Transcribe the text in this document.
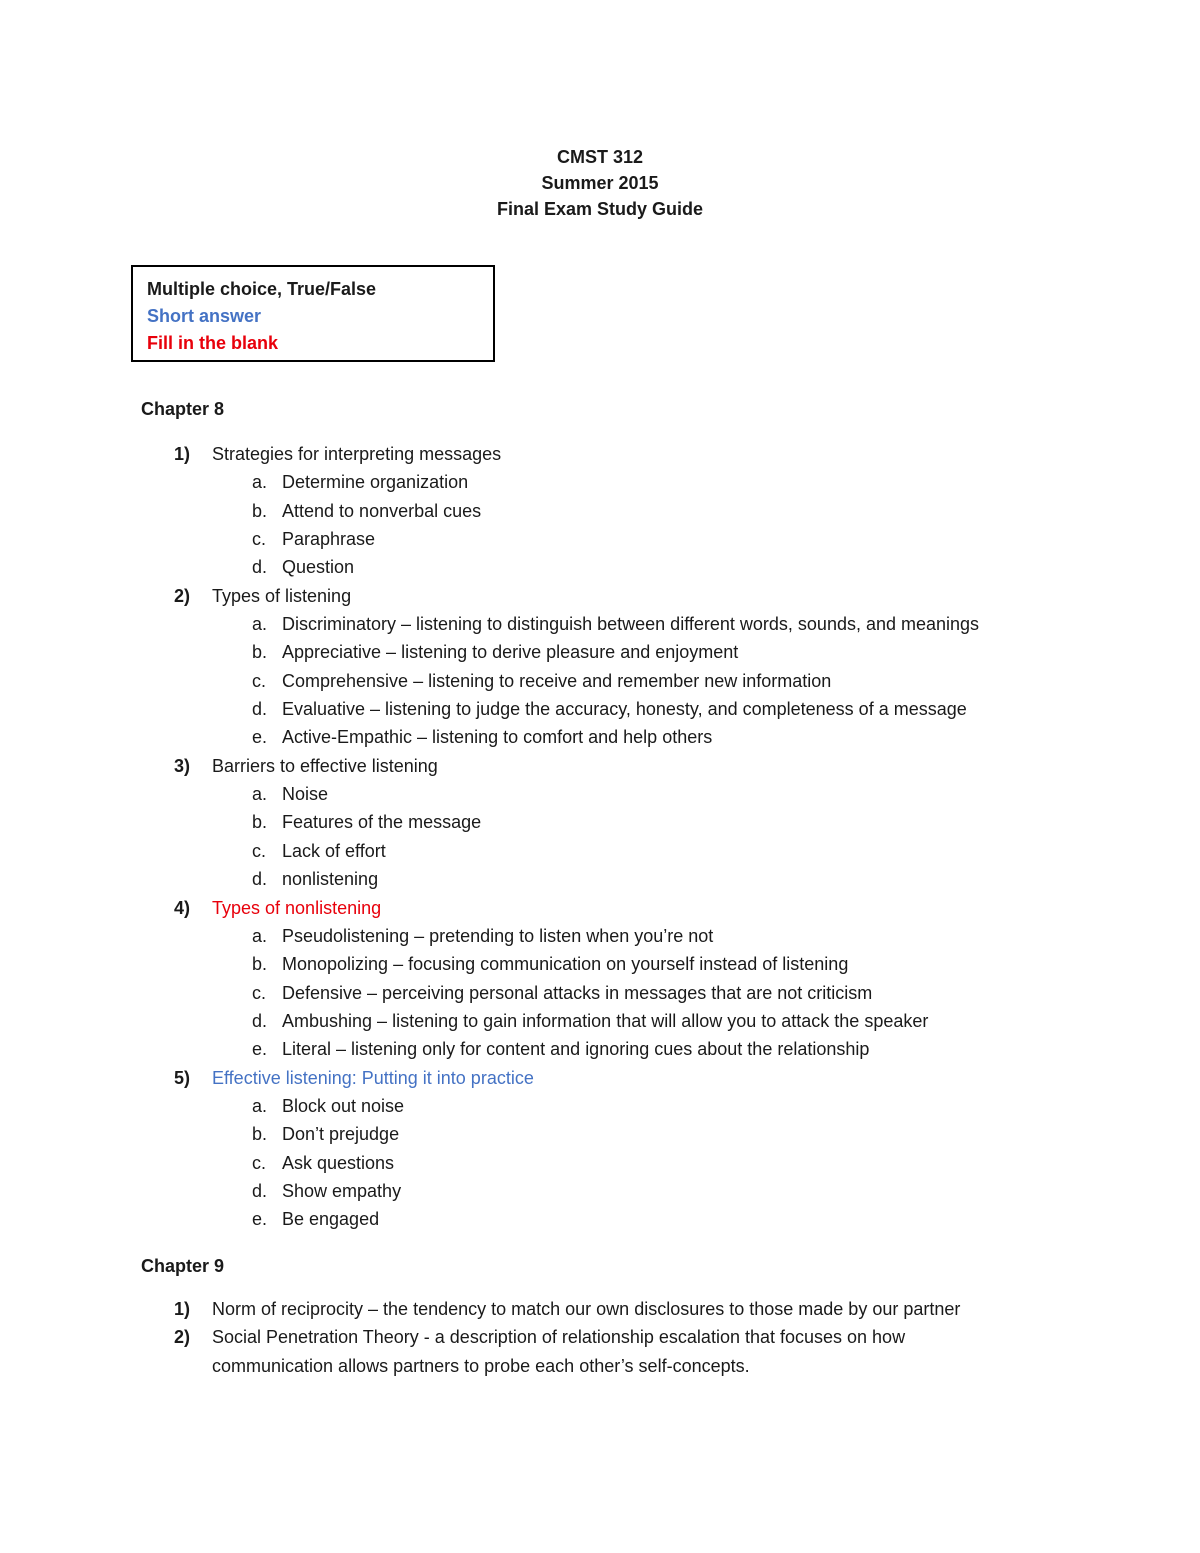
CMST 312
Summer 2015
Final Exam Study Guide
Multiple choice, True/False
Short answer
Fill in the blank
Chapter 8
1) Strategies for interpreting messages
a. Determine organization
b. Attend to nonverbal cues
c. Paraphrase
d. Question
2) Types of listening
a. Discriminatory – listening to distinguish between different words, sounds, and meanings
b. Appreciative – listening to derive pleasure and enjoyment
c. Comprehensive – listening to receive and remember new information
d. Evaluative – listening to judge the accuracy, honesty, and completeness of a message
e. Active-Empathic – listening to comfort and help others
3) Barriers to effective listening
a. Noise
b. Features of the message
c. Lack of effort
d. nonlistening
4) Types of nonlistening
a. Pseudolistening – pretending to listen when you’re not
b. Monopolizing – focusing communication on yourself instead of listening
c. Defensive – perceiving personal attacks in messages that are not criticism
d. Ambushing – listening to gain information that will allow you to attack the speaker
e. Literal – listening only for content and ignoring cues about the relationship
5) Effective listening: Putting it into practice
a. Block out noise
b. Don’t prejudge
c. Ask questions
d. Show empathy
e. Be engaged
Chapter 9
1) Norm of reciprocity – the tendency to match our own disclosures to those made by our partner
2) Social Penetration Theory - a description of relationship escalation that focuses on how
communication allows partners to probe each other’s self-concepts.
